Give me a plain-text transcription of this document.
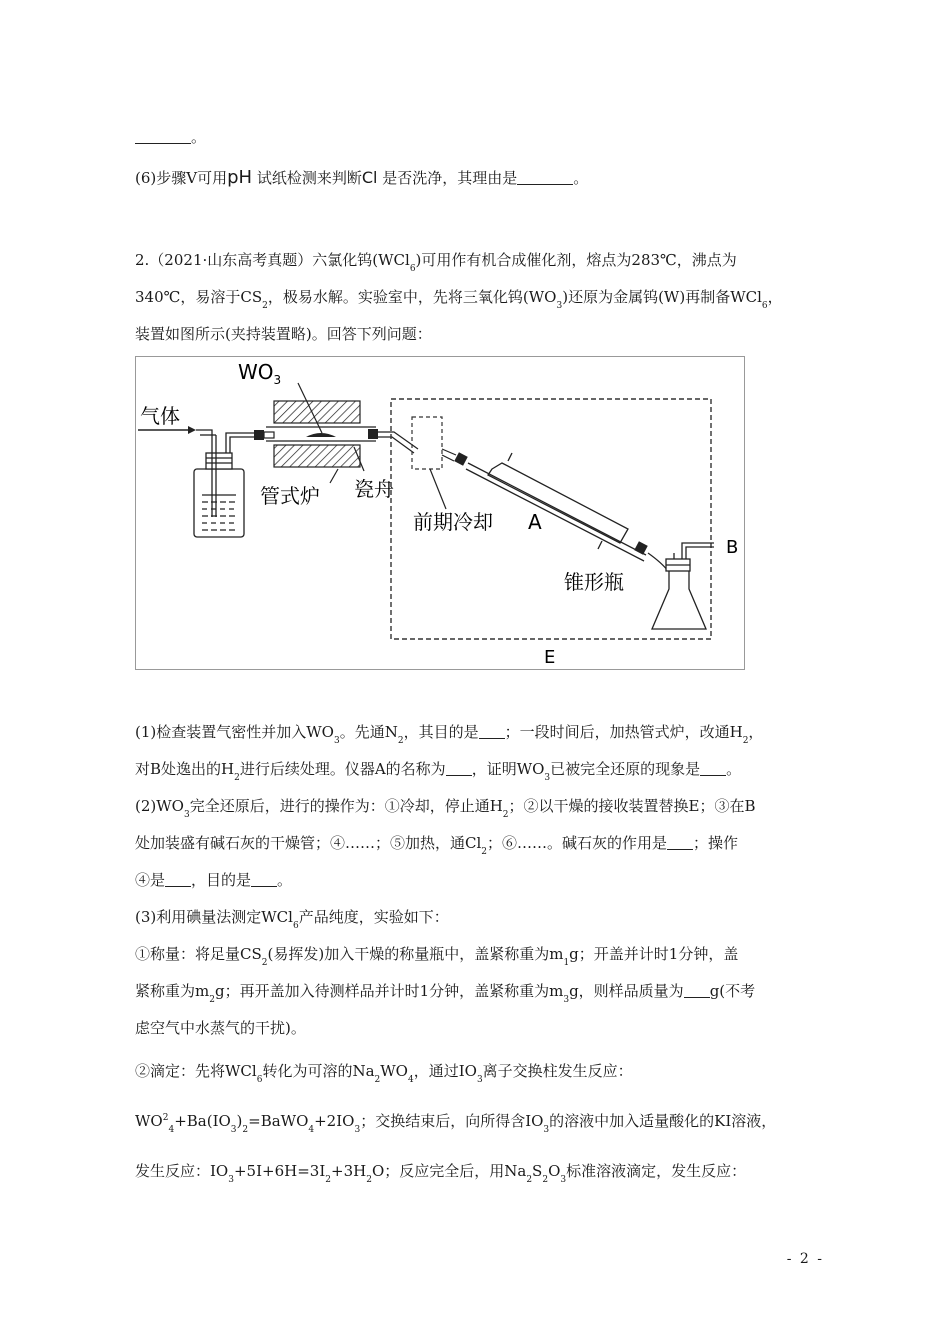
。
(6)步骤Ⅴ可用pH 试纸检测来判断Cl 是否洗净，其理由是	。
2.（2021·山东高考真题）六氯化钨(WCl$_6$)可用作有机合成催化剂，熔点为283℃，沸点为
340℃，易溶于$CS_2$，极易水解。实验室中，先将三氧化钨$(WO_3)$还原为金属钨(W)再制备WCl$_6$，
装置如图所示(夹持装置略)。回答下列问题：
气体
$WO_3$
管式炉 瓷舟
前期冷却 A
B
锥形瓶
E
(1)检查装置气密性并加入$WO_3$。先通$N_2$，其目的是 ；一段时间后，加热管式炉，改通$H_2$，
对B处逸出的$H_2$进行后续处理。仪器A的名称为 ，证明$WO_3$已被完全还原的现象是 。
$(2)WO_3$完全还原后，进行的操作为：①冷却，停止通$H_2$；②以干燥的接收装置替换E；③在B
处加装盛有碱石灰的干燥管；④……；⑤加热，通$Cl_2$；⑥……。碱石灰的作用是 ；操作
④是 ，目的是 。
(3)利用碘量法测定WCl$_6$产品纯度，实验如下：
①称量：将足量$CS_2$(易挥发)加入干燥的称量瓶中，盖紧称重为$m_1g$；开盖并计时1分钟，盖
紧称重为$m_2g$；再开盖加入待测样品并计时1分钟，盖紧称重为$m_3g$，则样品质量为 g(不考
虑空气中水蒸气的干扰)。
②滴定：先将WCl$_6$转化为可溶的$Na_2WO_4$，通过$IO_3$离子交换柱发生反应：
$WO^2_4+Ba(IO_3)_2=BaWO_4+2IO_3$；交换结束后，向所得含$IO_3$的溶液中加入适量酸化的KI溶液，
发生反应：$IO_3+5I+6H=3I_2+3H_2O$；反应完全后，用$Na_2S_2O_3$标准溶液滴定，发生反应：
- 2 -
